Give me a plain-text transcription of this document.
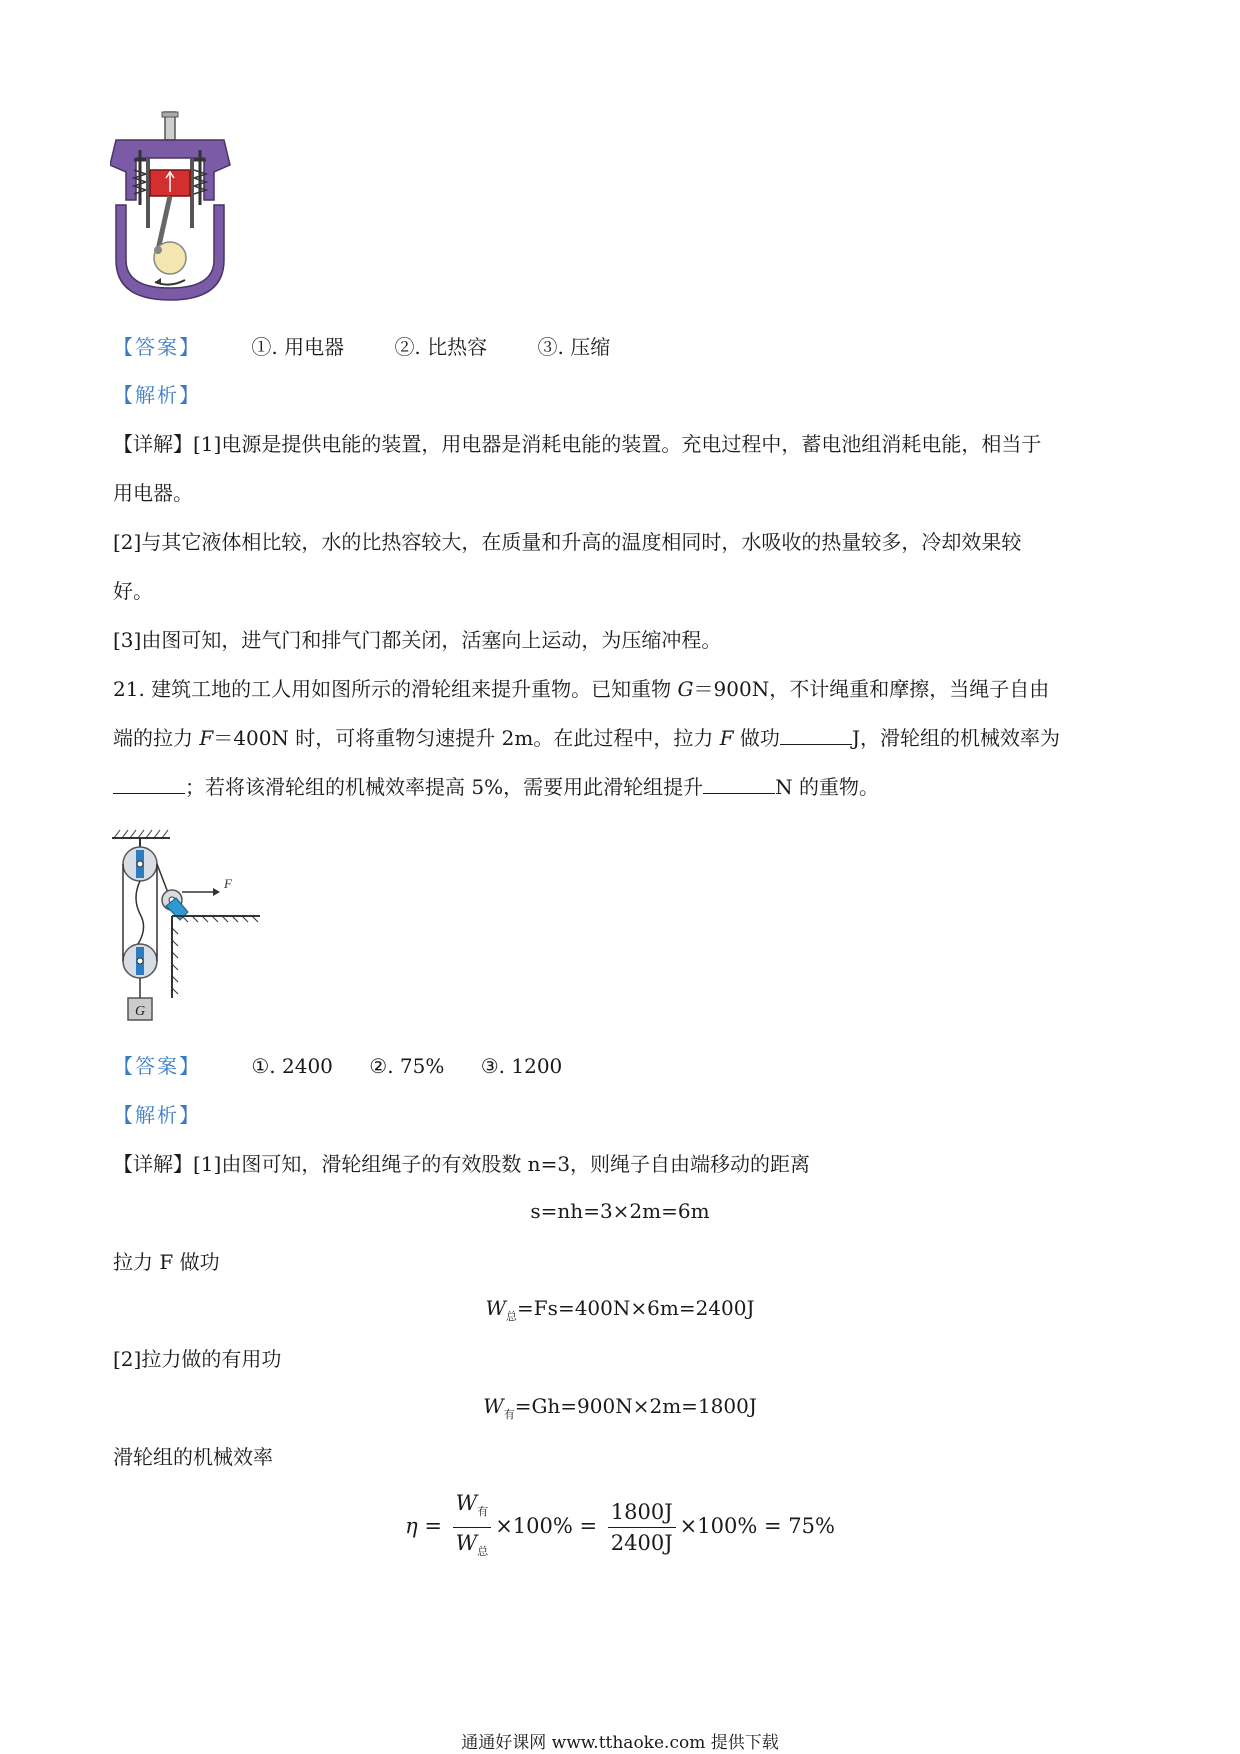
【答案】	①. 用电器	②. 比热容	③. 压缩
【解析】
【详解】[1]电源是提供电能的装置，用电器是消耗电能的装置。充电过程中，蓄电池组消耗电能，相当于
用电器。
[2]与其它液体相比较，水的比热容较大，在质量和升高的温度相同时，水吸收的热量较多，冷却效果较
好。
[3]由图可知，进气门和排气门都关闭，活塞向上运动，为压缩冲程。
21. 建筑工地的工人用如图所示的滑轮组来提升重物。已知重物 G＝900N，不计绳重和摩擦，当绳子自由
端的拉力 F＝400N 时，可将重物匀速提升 2m。在此过程中，拉力 F 做功	J，滑轮组的机械效率为
；若将该滑轮组的机械效率提高 5%，需要用此滑轮组提升	N 的重物。
F
G
【答案】	①. 2400 ②. 75% ③. 1200
【解析】
【详解】[1]由图可知，滑轮组绳子的有效股数 n=3，则绳子自由端移动的距离
s=nh=3×2m=6m
拉力 F 做功
$W_总=Fs=400N\times 6m=2400J$
[2]拉力做的有用功
$W_有=Gh=900N\times 2m=1800J$
滑轮组的机械效率
$\eta = \frac{W_有}{W_总} \times 100\% = \frac{1800J}{2400J} \times 100\% = 75\%$
通通好课网 www.tthaoke.com 提供下载
